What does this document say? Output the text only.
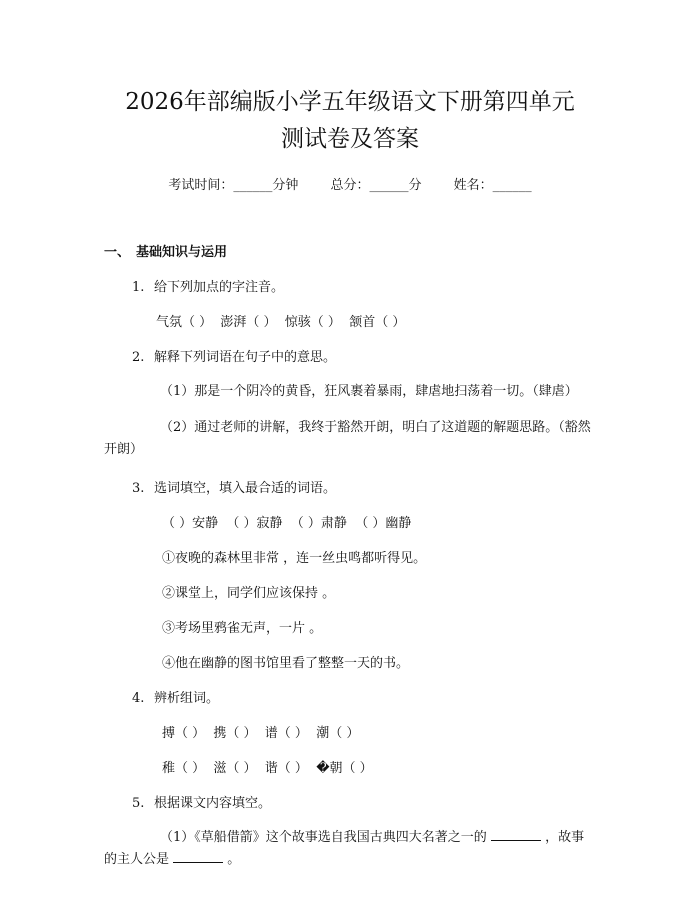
2026年部编版小学五年级语文下册第四单元
测试卷及答案
考试时间：______分钟 总分：______分 姓名：______
一、 基础知识与运用
1. 给下列加点的字注音。
气氛（ ）  澎湃（ ）  惊骇（ ）  颔首（ ）
2. 解释下列词语在句子中的意思。
（1）那是一个阴冷的黄昏，狂风裹着暴雨，肆虐地扫荡着一切。（肆虐）
（2）通过老师的讲解，我终于豁然开朗，明白了这道题的解题思路。（豁然开朗）
3. 选词填空，填入最合适的词语。
（ ）安静  （ ）寂静  （ ）肃静  （ ）幽静
①夜晚的森林里非常 ，连一丝虫鸣都听得见。
②课堂上，同学们应该保持 。
③考场里鸦雀无声，一片 。
④他在幽静的图书馆里看了整整一天的书。
4. 辨析组词。
搏（ ）  携（ ）  谱（ ）  潮（ ）
稚（ ）  滋（ ）  谐（ ）  �朝（ ）
5. 根据课文内容填空。
（1）《草船借箭》这个故事选自我国古典四大名著之一的	，故事的主人公是	。
